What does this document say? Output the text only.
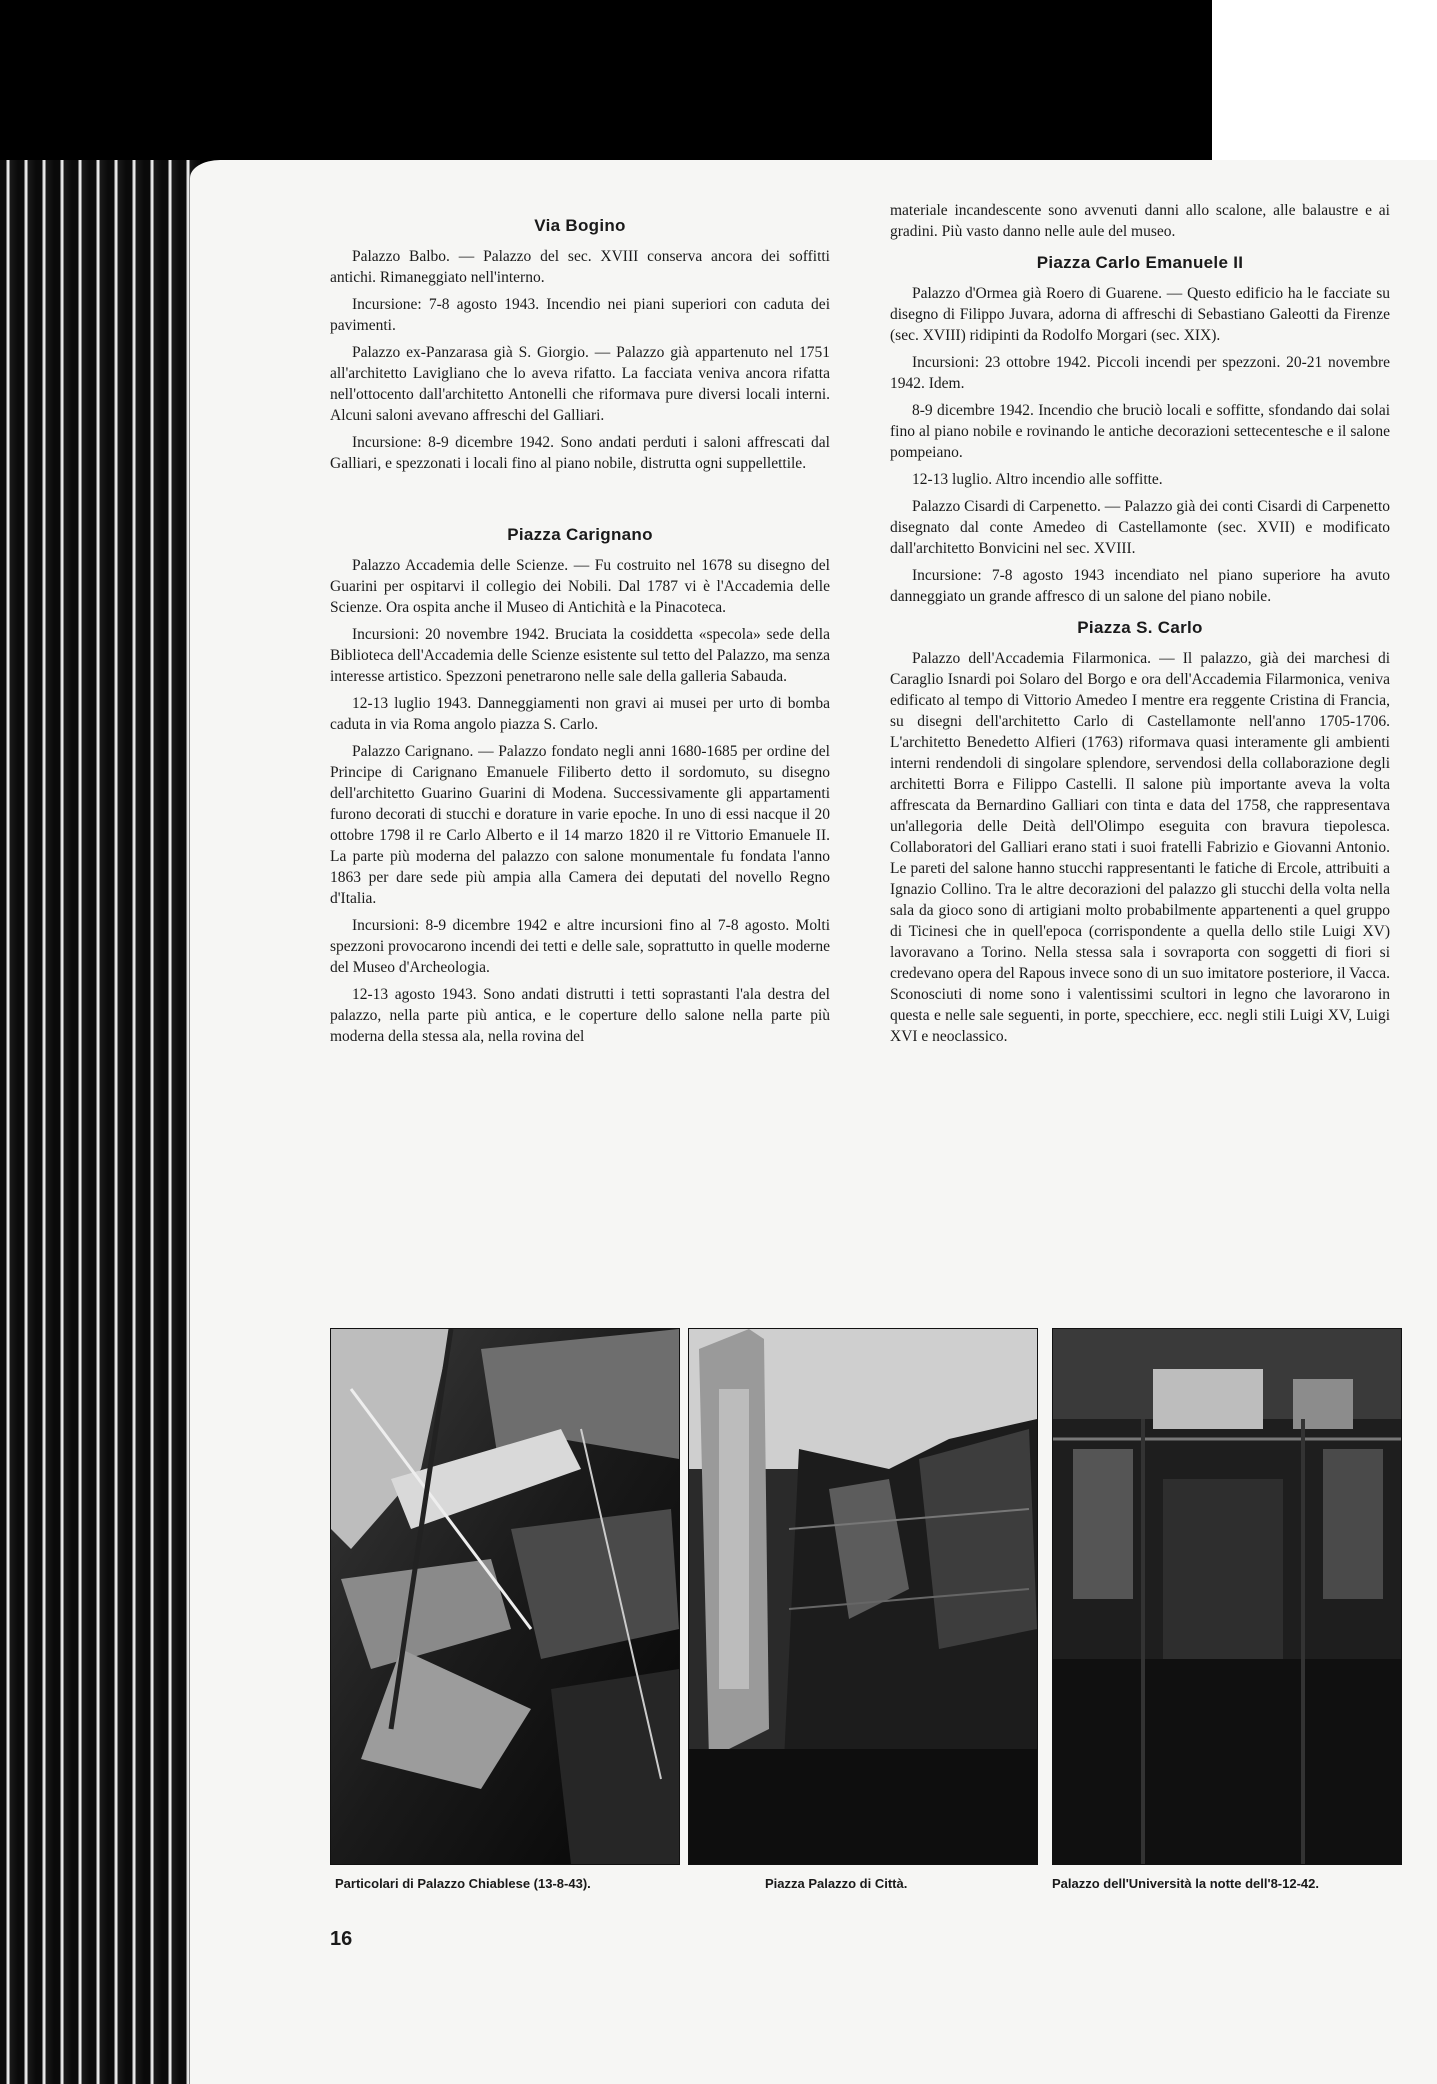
Via Bogino

Palazzo Balbo. — Palazzo del sec. XVIII conserva ancora dei soffitti antichi. Rimaneggiato nell'interno.

Incursione: 7-8 agosto 1943. Incendio nei piani superiori con caduta dei pavimenti.

Palazzo ex-Panzarasa già S. Giorgio. — Palazzo già appartenuto nel 1751 all'architetto Lavigliano che lo aveva rifatto. La facciata veniva ancora rifatta nell'ottocento dall'architetto Antonelli che riformava pure diversi locali interni. Alcuni saloni avevano affreschi del Galliari.

Incursione: 8-9 dicembre 1942. Sono andati perduti i saloni affrescati dal Galliari, e spezzonati i locali fino al piano nobile, distrutta ogni suppellettile.

Piazza Carignano

Palazzo Accademia delle Scienze. — Fu costruito nel 1678 su disegno del Guarini per ospitarvi il collegio dei Nobili. Dal 1787 vi è l'Accademia delle Scienze. Ora ospita anche il Museo di Antichità e la Pinacoteca.

Incursioni: 20 novembre 1942. Bruciata la cosiddetta «specola» sede della Biblioteca dell'Accademia delle Scienze esistente sul tetto del Palazzo, ma senza interesse artistico. Spezzoni penetrarono nelle sale della galleria Sabauda.

12-13 luglio 1943. Danneggiamenti non gravi ai musei per urto di bomba caduta in via Roma angolo piazza S. Carlo.

Palazzo Carignano. — Palazzo fondato negli anni 1680-1685 per ordine del Principe di Carignano Emanuele Filiberto detto il sordomuto, su disegno dell'architetto Guarino Guarini di Modena. Successivamente gli appartamenti furono decorati di stucchi e dorature in varie epoche. In uno di essi nacque il 20 ottobre 1798 il re Carlo Alberto e il 14 marzo 1820 il re Vittorio Emanuele II. La parte più moderna del palazzo con salone monumentale fu fondata l'anno 1863 per dare sede più ampia alla Camera dei deputati del novello Regno d'Italia.

Incursioni: 8-9 dicembre 1942 e altre incursioni fino al 7-8 agosto. Molti spezzoni provocarono incendi dei tetti e delle sale, soprattutto in quelle moderne del Museo d'Archeologia.

12-13 agosto 1943. Sono andati distrutti i tetti soprastanti l'ala destra del palazzo, nella parte più antica, e le coperture dello salone nella parte più moderna della stessa ala, nella rovina del

materiale incandescente sono avvenuti danni allo scalone, alle balaustre e ai gradini. Più vasto danno nelle aule del museo.

Piazza Carlo Emanuele II

Palazzo d'Ormea già Roero di Guarene. — Questo edificio ha le facciate su disegno di Filippo Juvara, adorna di affreschi di Sebastiano Galeotti da Firenze (sec. XVIII) ridipinti da Rodolfo Morgari (sec. XIX).

Incursioni: 23 ottobre 1942. Piccoli incendi per spezzoni. 20-21 novembre 1942. Idem.

8-9 dicembre 1942. Incendio che bruciò locali e soffitte, sfondando dai solai fino al piano nobile e rovinando le antiche decorazioni settecentesche e il salone pompeiano.

12-13 luglio. Altro incendio alle soffitte.

Palazzo Cisardi di Carpenetto. — Palazzo già dei conti Cisardi di Carpenetto disegnato dal conte Amedeo di Castellamonte (sec. XVII) e modificato dall'architetto Bonvicini nel sec. XVIII.

Incursione: 7-8 agosto 1943 incendiato nel piano superiore ha avuto danneggiato un grande affresco di un salone del piano nobile.

Piazza S. Carlo

Palazzo dell'Accademia Filarmonica. — Il palazzo, già dei marchesi di Caraglio Isnardi poi Solaro del Borgo e ora dell'Accademia Filarmonica, veniva edificato al tempo di Vittorio Amedeo I mentre era reggente Cristina di Francia, su disegni dell'architetto Carlo di Castellamonte nell'anno 1705-1706. L'architetto Benedetto Alfieri (1763) riformava quasi interamente gli ambienti interni rendendoli di singolare splendore, servendosi della collaborazione degli architetti Borra e Filippo Castelli. Il salone più importante aveva la volta affrescata da Bernardino Galliari con tinta e data del 1758, che rappresentava un'allegoria delle Deità dell'Olimpo eseguita con bravura tiepolesca. Collaboratori del Galliari erano stati i suoi fratelli Fabrizio e Giovanni Antonio. Le pareti del salone hanno stucchi rappresentanti le fatiche di Ercole, attribuiti a Ignazio Collino. Tra le altre decorazioni del palazzo gli stucchi della volta nella sala da gioco sono di artigiani molto probabilmente appartenenti a quel gruppo di Ticinesi che in quell'epoca (corrispondente a quella dello stile Luigi XV) lavoravano a Torino. Nella stessa sala i sovraporta con soggetti di fiori si credevano opera del Rapous invece sono di un suo imitatore posteriore, il Vacca. Sconosciuti di nome sono i valentissimi scultori in legno che lavorarono in questa e nelle sale seguenti, in porte, specchiere, ecc. negli stili Luigi XV, Luigi XVI e neoclassico.

Particolari di Palazzo Chiablese (13-8-43).	Piazza Palazzo di Città.	Palazzo dell'Università la notte dell'8-12-42.
16
